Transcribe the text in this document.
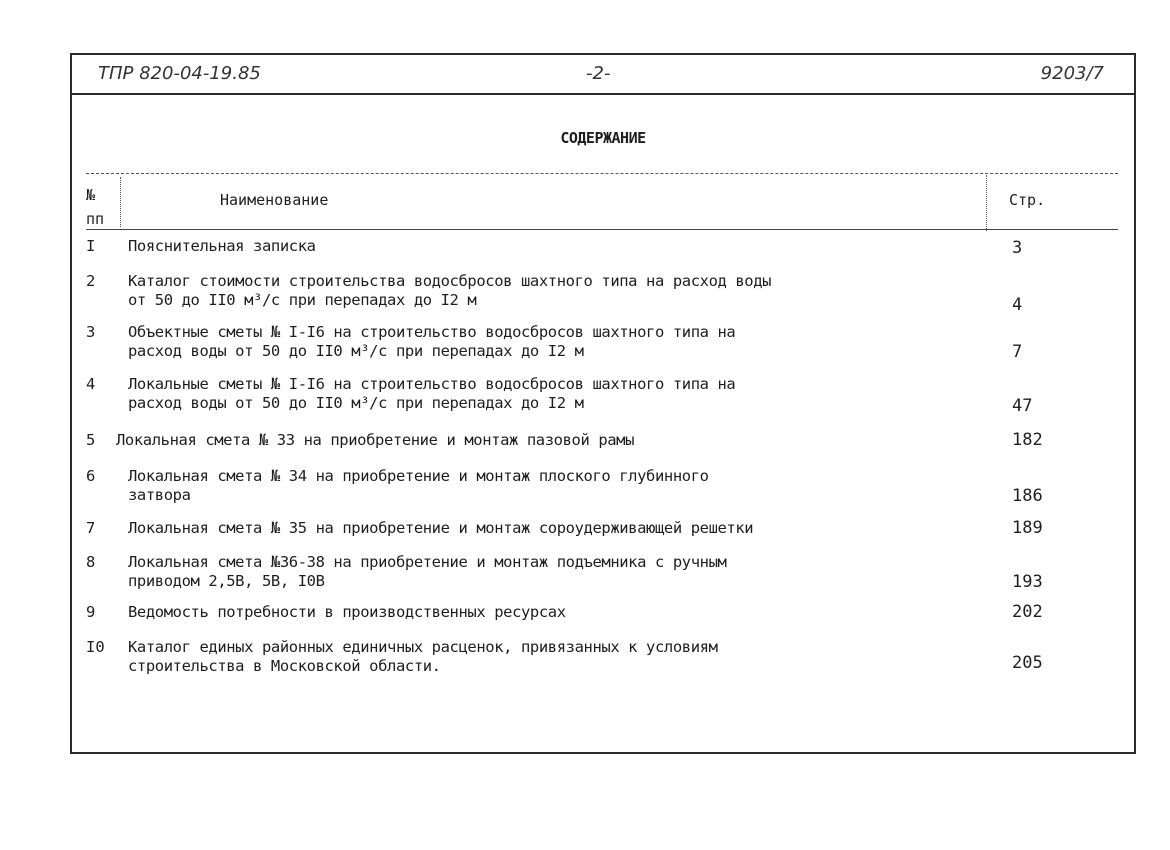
ТПР 820-04-19.85	-2-	9203/7
СОДЕРЖАНИЕ
№
пп
Наименование	Стр.
I	Пояснительная записка	3
2	Каталог стоимости строительства водосбросов шахтного типа на расход воды
от 50 до II0 м³/с при перепадах до I2 м	4
3	Объектные сметы № I-I6 на строительство водосбросов шахтного типа на
расход воды от 50 до II0 м³/с при перепадах до I2 м	7
4	Локальные сметы № I-I6 на строительство водосбросов шахтного типа на
расход воды от 50 до II0 м³/с при перепадах до I2 м	47
5	Локальная смета № 33 на приобретение и монтаж пазовой рамы	182
6	Локальная смета № 34 на приобретение и монтаж плоского глубинного
затвора	186
7	Локальная смета № 35 на приобретение и монтаж сороудерживающей решетки	189
8	Локальная смета №36-38 на приобретение и монтаж подъемника с ручным
приводом 2,5В, 5В, I0В	193
9	Ведомость потребности в производственных ресурсах	202
I0	Каталог единых районных единичных расценок, привязанных к условиям
строительства в Московской области.	205
